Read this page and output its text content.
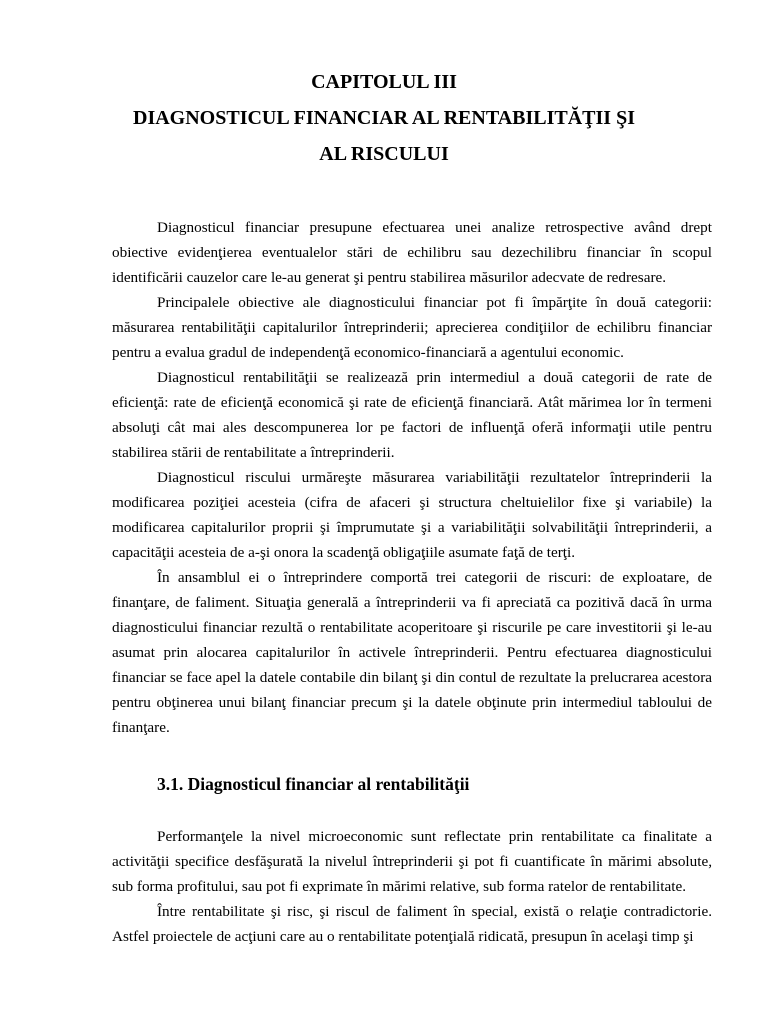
CAPITOLUL III
DIAGNOSTICUL FINANCIAR AL RENTABILITĂŢII ŞI
AL RISCULUI

Diagnosticul financiar presupune efectuarea unei analize retrospective având drept obiective evidenţierea eventualelor stări de echilibru sau dezechilibru financiar în scopul identificării cauzelor care le-au generat şi pentru stabilirea măsurilor adecvate de redresare.

Principalele obiective ale diagnosticului financiar pot fi împărţite în două categorii: măsurarea rentabilităţii capitalurilor întreprinderii; aprecierea condiţiilor de echilibru financiar pentru a evalua gradul de independenţă economico-financiară a agentului economic.

Diagnosticul rentabilităţii se realizează prin intermediul a două categorii de rate de eficienţă: rate de eficienţă economică şi rate de eficienţă financiară. Atât mărimea lor în termeni absoluţi cât mai ales descompunerea lor pe factori de influenţă oferă informaţii utile pentru stabilirea stării de rentabilitate a întreprinderii.

Diagnosticul riscului urmăreşte măsurarea variabilităţii rezultatelor întreprinderii la modificarea poziţiei acesteia (cifra de afaceri şi structura cheltuielilor fixe şi variabile) la modificarea capitalurilor proprii şi împrumutate şi a variabilităţii solvabilităţii întreprinderii, a capacităţii acesteia de a-şi onora la scadenţă obligaţiile asumate faţă de terţi.

În ansamblul ei o întreprindere comportă trei categorii de riscuri: de exploatare, de finanţare, de faliment. Situaţia generală a întreprinderii va fi apreciată ca pozitivă dacă în urma diagnosticului financiar rezultă o rentabilitate acoperitoare şi riscurile pe care investitorii şi le-au asumat prin alocarea capitalurilor în activele întreprinderii. Pentru efectuarea diagnosticului financiar se face apel la datele contabile din bilanţ şi din contul de rezultate la prelucrarea acestora pentru obţinerea unui bilanţ financiar precum şi la datele obţinute prin intermediul tabloului de finanţare.

3.1. Diagnosticul financiar al rentabilităţii

Performanţele la nivel microeconomic sunt reflectate prin rentabilitate ca finalitate a activităţii specifice desfăşurată la nivelul întreprinderii şi pot fi cuantificate în mărimi absolute, sub forma profitului, sau pot fi exprimate în mărimi relative, sub forma ratelor de rentabilitate.

Între rentabilitate şi risc, şi riscul de faliment în special, există o relaţie contradictorie. Astfel proiectele de acţiuni care au o rentabilitate potenţială ridicată, presupun în acelaşi timp şi
